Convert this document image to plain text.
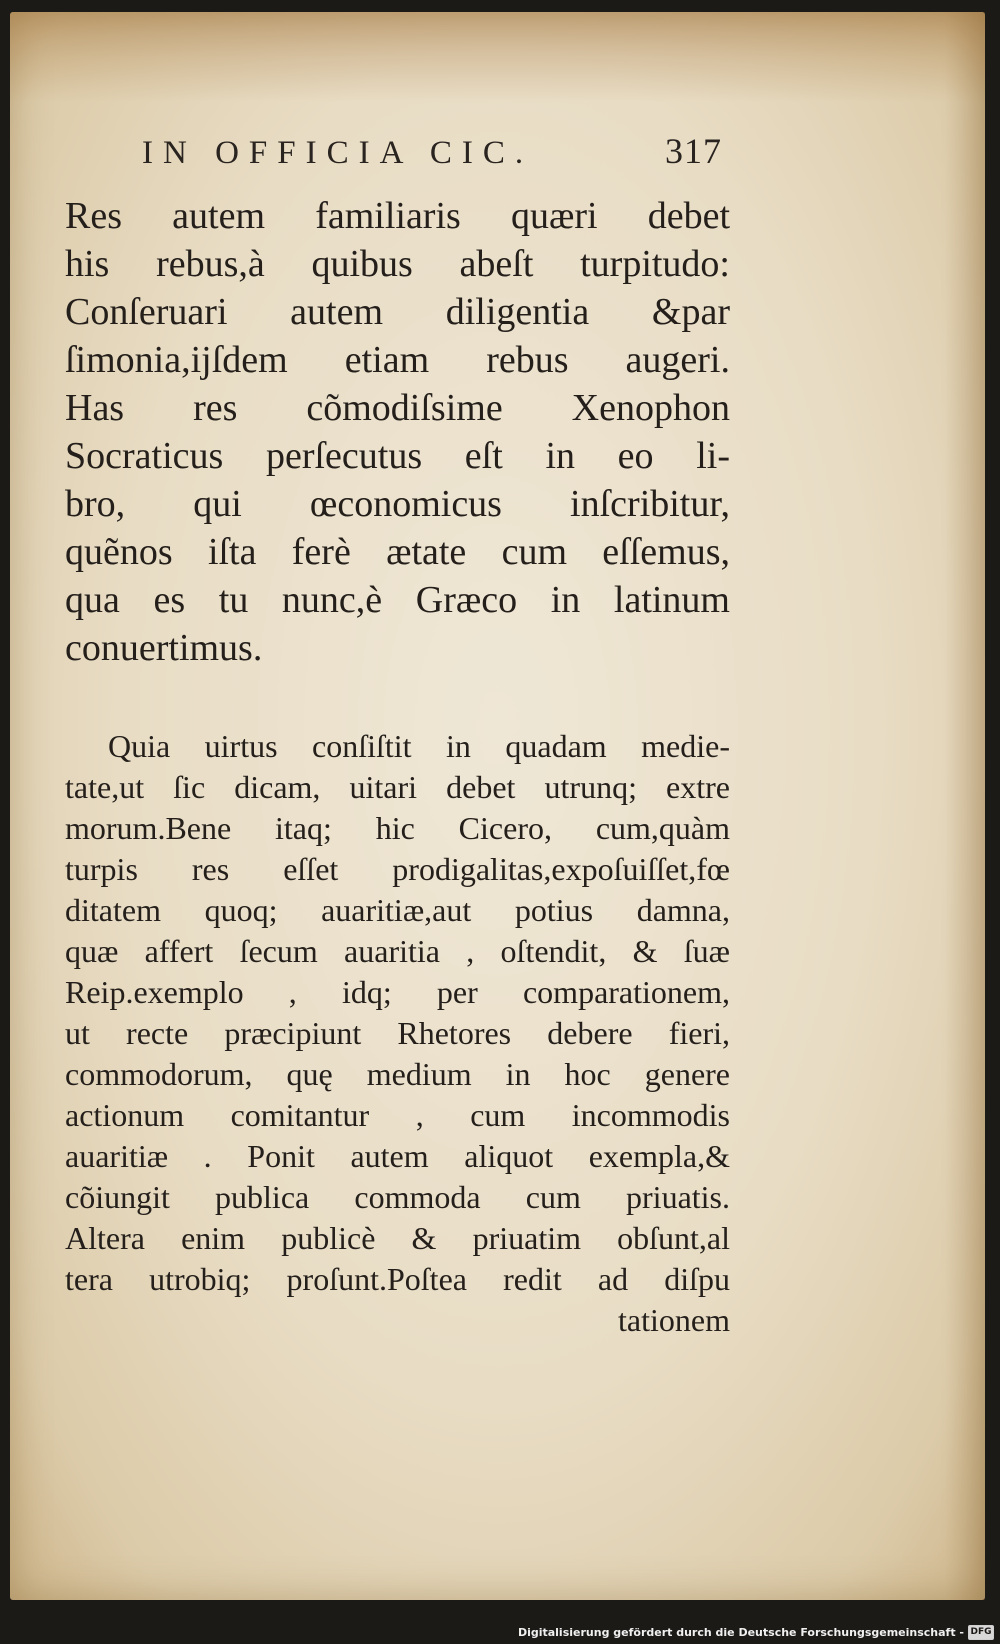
IN OFFICIA CIC.	317
Res autem familiaris quæri debet
his rebus,à quibus abeſt turpitudo:
Conſeruari autem diligentia &par
ſimonia,ijſdem etiam rebus augeri.
Has res cõmodiſsime Xenophon
Socraticus perſecutus eſt in eo li-
bro, qui œconomicus inſcribitur,
quẽnos iſta ferè ætate cum eſſemus,
qua es tu nunc,è Græco in latinum
conuertimus.
Quia uirtus conſiſtit in quadam medie-
tate,ut ſic dicam, uitari debet utrunq; extre
morum.Bene itaq; hic Cicero, cum,quàm
turpis res eſſet prodigalitas,expoſuiſſet,fœ
ditatem quoq; auaritiæ,aut potius damna,
quæ affert ſecum auaritia , oſtendit, & ſuæ
Reip.exemplo , idq; per comparationem,
ut recte præcipiunt Rhetores debere fieri,
commodorum, quę medium in hoc genere
actionum comitantur , cum incommodis
auaritiæ . Ponit autem aliquot exempla,&
cõiungit publica commoda cum priuatis.
Altera enim publicè & priuatim obſunt,al
tera utrobiq; proſunt.Poſtea redit ad diſpu
tationem
Digitalisierung gefördert durch die Deutsche Forschungsgemeinschaft - DFG
